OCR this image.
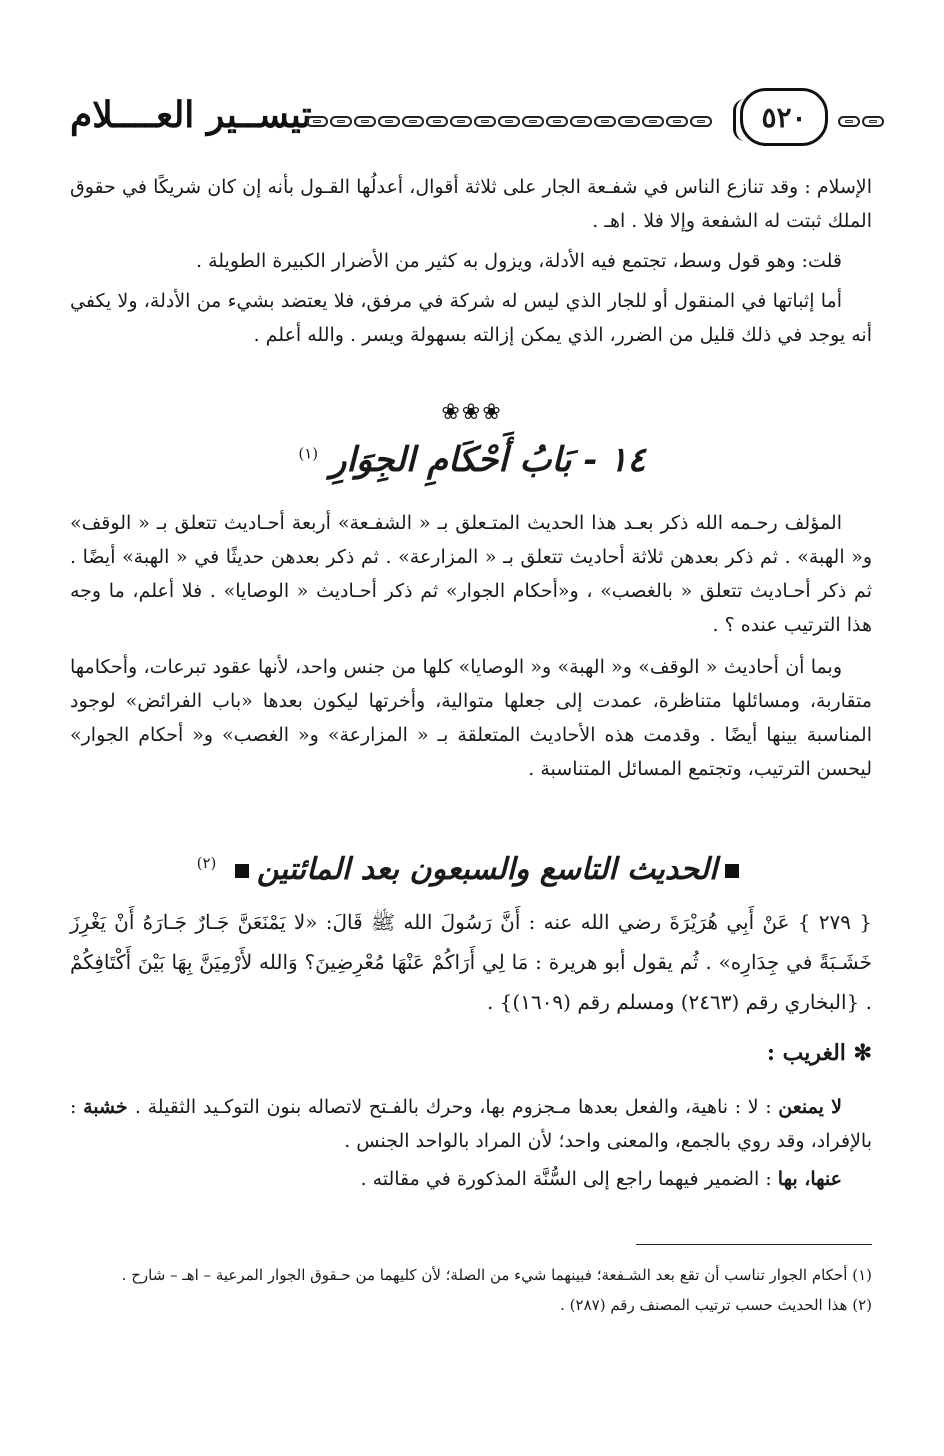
تيســير العــــلام	٥٢٠

الإسلام : وقد تنازع الناس في شفـعة الجار على ثلاثة أقوال، أعدلُها القـول بأنه إن كان شريكًا في حقوق الملك ثبتت له الشفعة وإلا فلا . اهـ .

قلت: وهو قول وسط، تجتمع فيه الأدلة، ويزول به كثير من الأضرار الكبيرة الطويلة .

أما إثباتها في المنقول أو للجار الذي ليس له شركة في مرفق، فلا يعتضد بشيء من الأدلة، ولا يكفي أنه يوجد في ذلك قليل من الضرر، الذي يمكن إزالته بسهولة ويسر . والله أعلم .

❀❀❀
١٤ - بَابُ أَحْكَامِ الجِوَارِ $^{(١)}$

المؤلف رحـمه الله ذكر بعـد هذا الحديث المتـعلق بـ « الشفـعة» أربعة أحـاديث تتعلق بـ « الوقف» و« الهبة» . ثم ذكر بعدهن ثلاثة أحاديث تتعلق بـ « المزارعة» . ثم ذكر بعدهن حديثًا في « الهبة» أيضًا . ثم ذكر أحـاديث تتعلق « بالغصب» ، و«أحكام الجوار» ثم ذكر أحـاديث « الوصايا» . فلا أعلم، ما وجه هذا الترتيب عنده ؟ .

وبما أن أحاديث « الوقف» و« الهبة» و« الوصايا» كلها من جنس واحد، لأنها عقود تبرعات، وأحكامها متقاربة، ومسائلها متناظرة، عمدت إلى جعلها متوالية، وأخرتها ليكون بعدها «باب الفرائض» لوجود المناسبة بينها أيضًا . وقدمت هذه الأحاديث المتعلقة بـ « المزارعة» و« الغصب» و« أحكام الجوار» ليحسن الترتيب، وتجتمع المسائل المتناسبة .

الحديث التاسع والسبعون بعد المائتين $^{(٢)}$

{ ٢٧٩ } عَنْ أَبِي هُرَيْرَةَ رضي الله عنه : أَنَّ رَسُولَ الله ﷺ قَالَ: «لا يَمْنَعَنَّ جَـارٌ جَـارَهُ أَنْ يَغْرِزَ خَشَـبَةً في جِدَارِه» . ثُم يقول أبو هريرة : مَا لِي أَرَاكُمْ عَنْهَا مُعْرِضِينَ؟ وَالله لأَرْمِيَنَّ بِهَا بَيْنَ أَكْتَافِكُمْ . {البخاري رقم (٢٤٦٣) ومسلم رقم (١٦٠٩)} .

✻ الغريب :

لا يمنعن : لا : ناهية، والفعل بعدها مـجزوم بها، وحرك بالفـتح لاتصاله بنون التوكـيد الثقيلة . خشبة : بالإفراد، وقد روي بالجمع، والمعنى واحد؛ لأن المراد بالواحد الجنس .

عنها، بها : الضمير فيهما راجع إلى السُّنَّة المذكورة في مقالته .

(١) أحكام الجوار تناسب أن تقع بعد الشـفعة؛ فبينهما شيء من الصلة؛ لأن كليهما من حـقوق الجوار المرعية – اهـ – شارح .

(٢) هذا الحديث حسب ترتيب المصنف رقم (٢٨٧) .
